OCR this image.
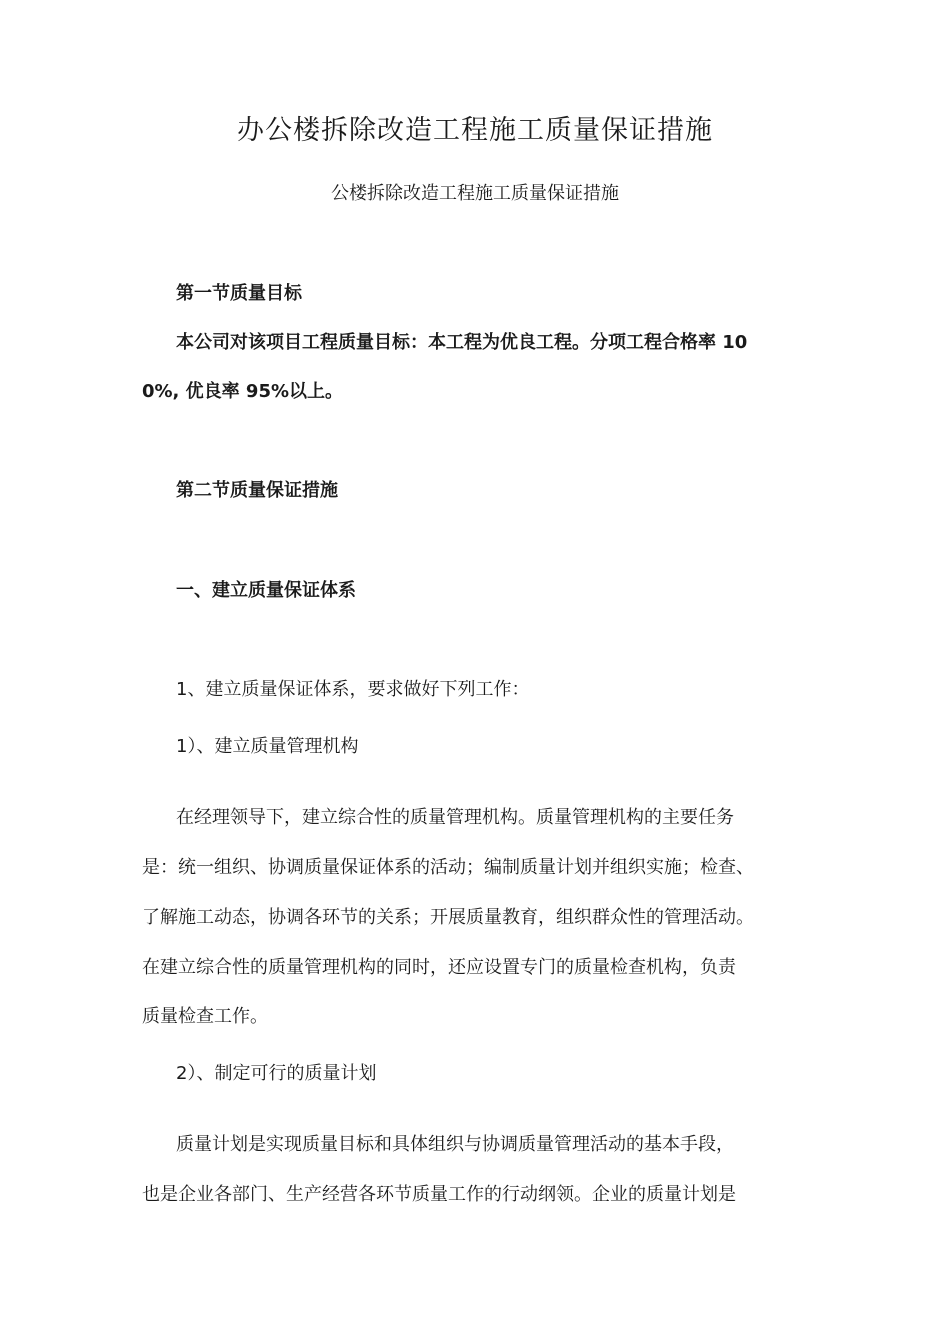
办公楼拆除改造工程施工质量保证措施

公楼拆除改造工程施工质量保证措施

第一节质量目标

本公司对该项目工程质量目标：本工程为优良工程。分项工程合格率 10

0%, 优良率 95%以上。

第二节质量保证措施

一、建立质量保证体系

1、建立质量保证体系，要求做好下列工作：

1）、建立质量管理机构

在经理领导下，建立综合性的质量管理机构。质量管理机构的主要任务

是：统一组织、协调质量保证体系的活动；编制质量计划并组织实施；检查、

了解施工动态，协调各环节的关系；开展质量教育，组织群众性的管理活动。

在建立综合性的质量管理机构的同时，还应设置专门的质量检查机构，负责

质量检查工作。

2）、制定可行的质量计划

质量计划是实现质量目标和具体组织与协调质量管理活动的基本手段，

也是企业各部门、生产经营各环节质量工作的行动纲领。企业的质量计划是
